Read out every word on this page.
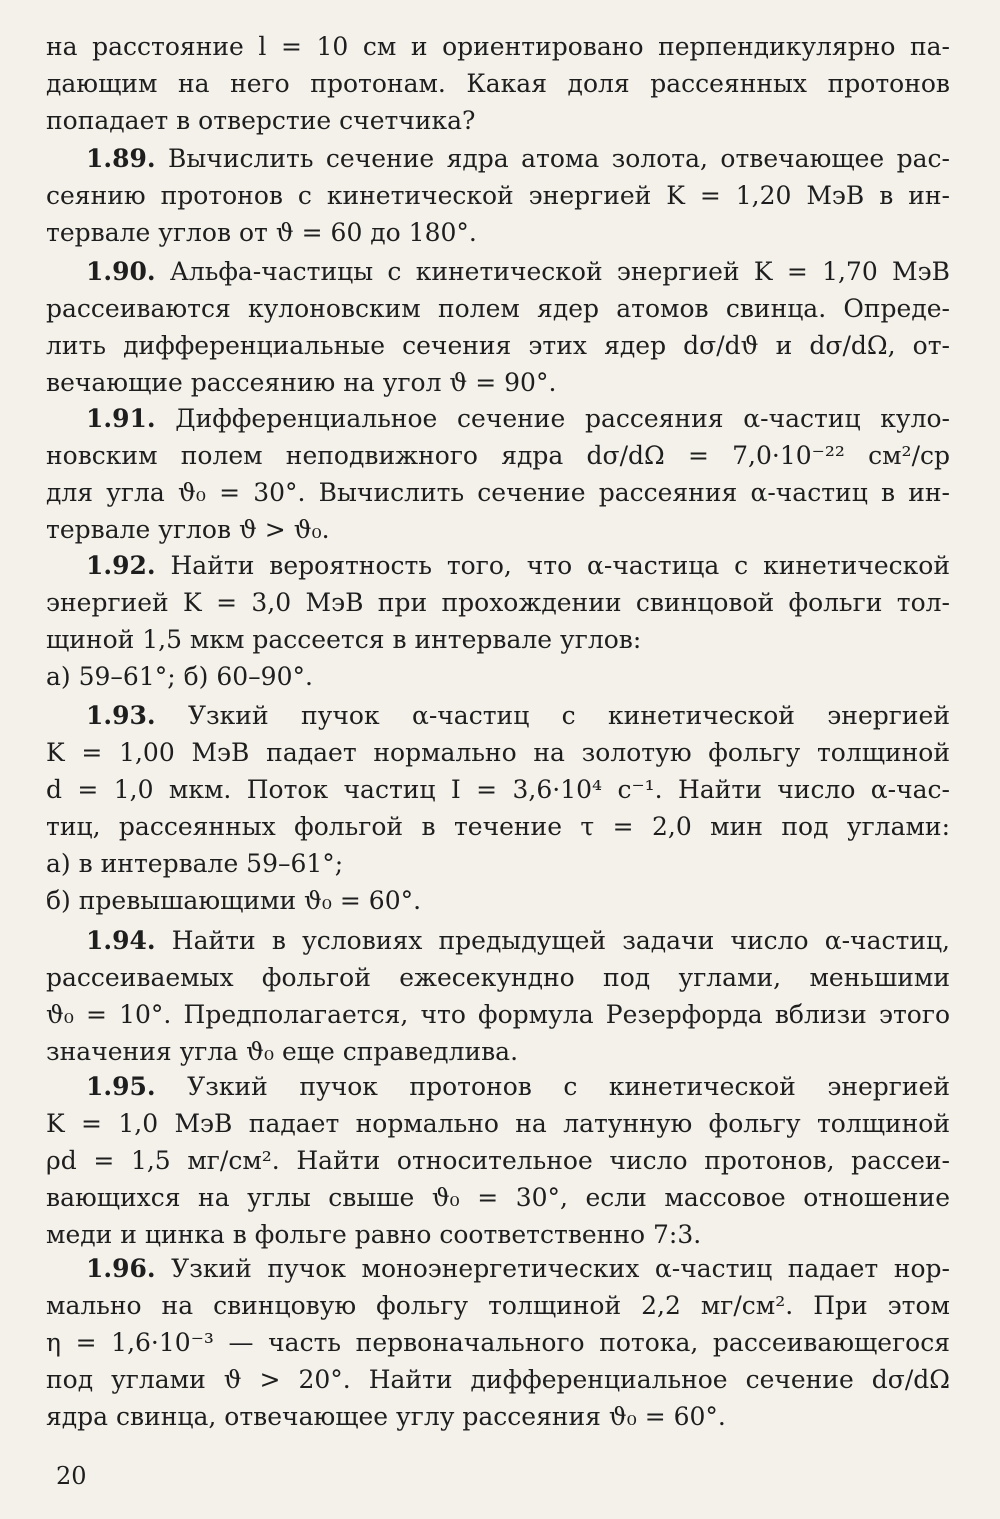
на расстояние l = 10 см и ориентировано перпендикулярно па-
дающим на него протонам. Какая доля рассеянных протонов
попадает в отверстие счетчика?
1.89. Вычислить сечение ядра атома золота, отвечающее рас-
сеянию протонов с кинетической энергией K = 1,20 МэВ в ин-
тервале углов от ϑ = 60 до 180°.
1.90. Альфа-частицы с кинетической энергией K = 1,70 МэВ
рассеиваются кулоновским полем ядер атомов свинца. Опреде-
лить дифференциальные сечения этих ядер dσ/dϑ и dσ/dΩ, от-
вечающие рассеянию на угол ϑ = 90°.
1.91. Дифференциальное сечение рассеяния α-частиц куло-
новским полем неподвижного ядра dσ/dΩ = 7,0·10⁻²² см²/ср
для угла ϑ₀ = 30°. Вычислить сечение рассеяния α-частиц в ин-
тервале углов ϑ > ϑ₀.
1.92. Найти вероятность того, что α-частица с кинетической
энергией K = 3,0 МэВ при прохождении свинцовой фольги тол-
щиной 1,5 мкм рассеется в интервале углов:
а) 59–61°; б) 60–90°.
1.93. Узкий пучок α-частиц с кинетической энергией
K = 1,00 МэВ падает нормально на золотую фольгу толщиной
d = 1,0 мкм. Поток частиц I = 3,6·10⁴ с⁻¹. Найти число α-час-
тиц, рассеянных фольгой в течение τ = 2,0 мин под углами:
а) в интервале 59–61°;
б) превышающими ϑ₀ = 60°.
1.94. Найти в условиях предыдущей задачи число α-частиц,
рассеиваемых фольгой ежесекундно под углами, меньшими
ϑ₀ = 10°. Предполагается, что формула Резерфорда вблизи этого
значения угла ϑ₀ еще справедлива.
1.95. Узкий пучок протонов с кинетической энергией
K = 1,0 МэВ падает нормально на латунную фольгу толщиной
ρd = 1,5 мг/см². Найти относительное число протонов, рассеи-
вающихся на углы свыше ϑ₀ = 30°, если массовое отношение
меди и цинка в фольге равно соответственно 7:3.
1.96. Узкий пучок моноэнергетических α-частиц падает нор-
мально на свинцовую фольгу толщиной 2,2 мг/см². При этом
η = 1,6·10⁻³ — часть первоначального потока, рассеивающегося
под углами ϑ > 20°. Найти дифференциальное сечение dσ/dΩ
ядра свинца, отвечающее углу рассеяния ϑ₀ = 60°.
20
